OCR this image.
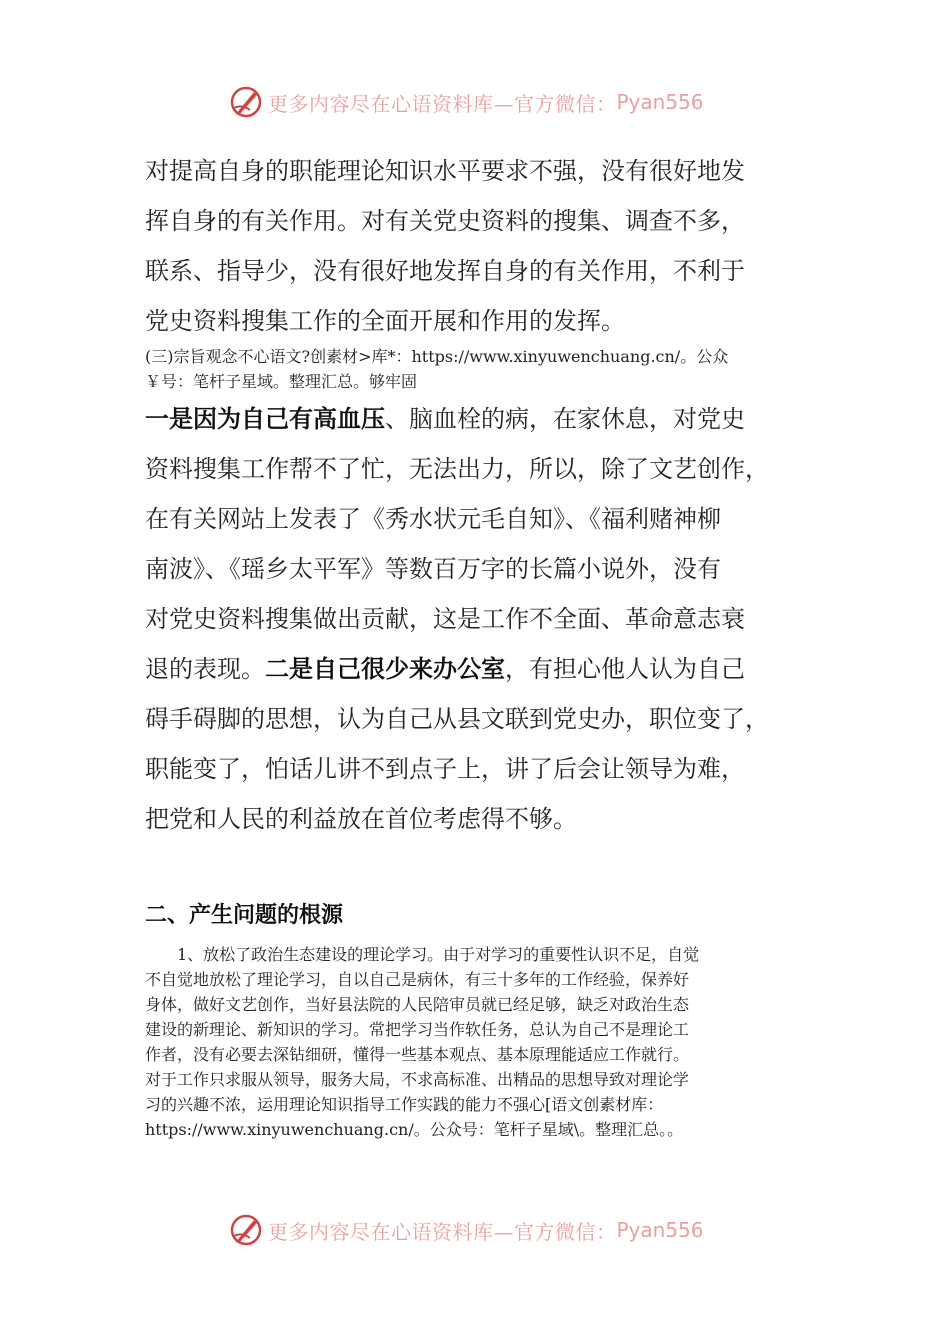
更多内容尽在心语资料库—官方微信： Pyan556

对提高自身的职能理论知识水平要求不强，没有很好地发

挥自身的有关作用。对有关党史资料的搜集、调查不多，

联系、指导少，没有很好地发挥自身的有关作用，不利于

党史资料搜集工作的全面开展和作用的发挥。

(三)宗旨观念不心语文?创素材>库*：https://www.xinyuwenchuang.cn/。公众

￥号：笔杆子星域。整理汇总。够牢固

一是因为自己有高血压、脑血栓的病，在家休息，对党史

资料搜集工作帮不了忙，无法出力，所以，除了文艺创作，

在有关网站上发表了《秀水状元毛自知》、《福利赌神柳

南波》、《瑶乡太平军》等数百万字的长篇小说外，没有

对党史资料搜集做出贡献，这是工作不全面、革命意志衰

退的表现。二是自己很少来办公室，有担心他人认为自己

碍手碍脚的思想，认为自己从县文联到党史办，职位变了，

职能变了，怕话儿讲不到点子上，讲了后会让领导为难，

把党和人民的利益放在首位考虑得不够。

二、产生问题的根源

　　1、放松了政治生态建设的理论学习。由于对学习的重要性认识不足，自觉

不自觉地放松了理论学习，自以自己是病休，有三十多年的工作经验，保养好

身体，做好文艺创作，当好县法院的人民陪审员就已经足够，缺乏对政治生态

建设的新理论、新知识的学习。常把学习当作软任务，总认为自己不是理论工

作者，没有必要去深钻细研，懂得一些基本观点、基本原理能适应工作就行。

对于工作只求服从领导，服务大局，不求高标准、出精品的思想导致对理论学

习的兴趣不浓，运用理论知识指导工作实践的能力不强心[语文创素材库：

https://www.xinyuwenchuang.cn/。公众号：笔杆子星域\。整理汇总。。

更多内容尽在心语资料库—官方微信： Pyan556
